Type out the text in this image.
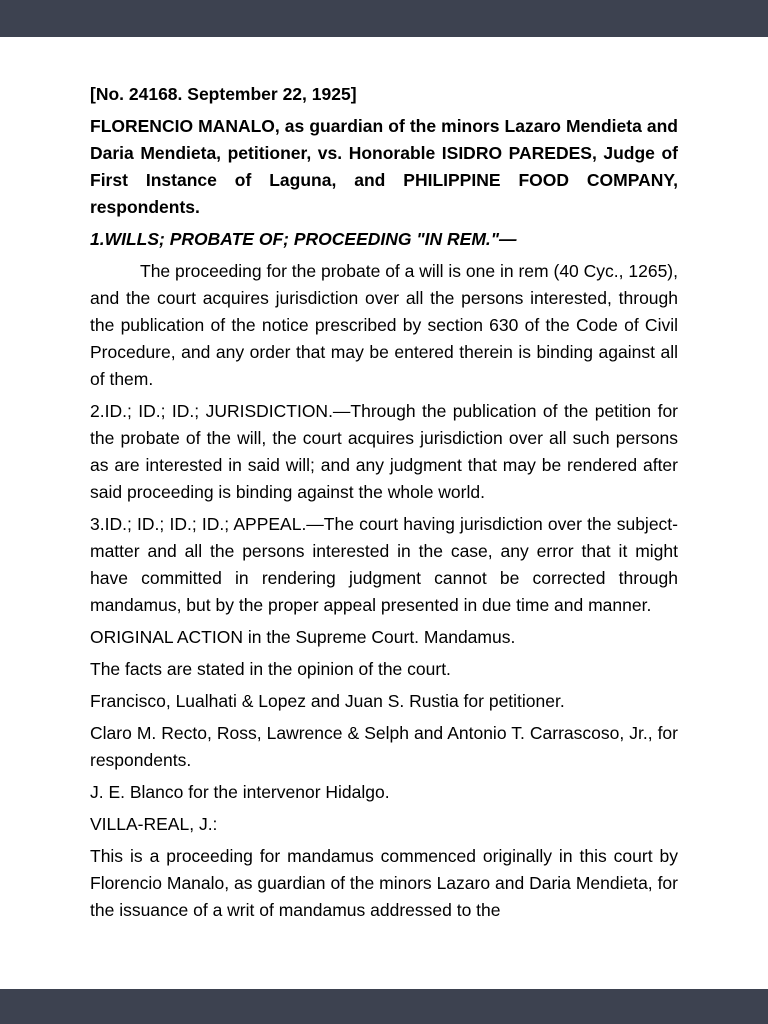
[No. 24168. September 22, 1925]

FLORENCIO MANALO, as guardian of the minors Lazaro Mendieta and Daria Mendieta, petitioner, vs. Honorable ISIDRO PAREDES, Judge of First Instance of Laguna, and PHILIPPINE FOOD COMPANY, respondents.

1.WILLS; PROBATE OF; PROCEEDING "IN REM."—

The proceeding for the probate of a will is one in rem (40 Cyc., 1265), and the court acquires jurisdiction over all the persons interested, through the publication of the notice prescribed by section 630 of the Code of Civil Procedure, and any order that may be entered therein is binding against all of them.

2.ID.; ID.; ID.; JURISDICTION.—Through the publication of the petition for the probate of the will, the court acquires jurisdiction over all such persons as are interested in said will; and any judgment that may be rendered after said proceeding is binding against the whole world.

3.ID.; ID.; ID.; ID.; APPEAL.—The court having jurisdiction over the subject-matter and all the persons interested in the case, any error that it might have committed in rendering judgment cannot be corrected through mandamus, but by the proper appeal presented in due time and manner.

ORIGINAL ACTION in the Supreme Court. Mandamus.

The facts are stated in the opinion of the court.

Francisco, Lualhati & Lopez and Juan S. Rustia for petitioner.

Claro M. Recto, Ross, Lawrence & Selph and Antonio T. Carrascoso, Jr., for respondents.

J. E. Blanco for the intervenor Hidalgo.

VILLA-REAL, J.:

This is a proceeding for mandamus commenced originally in this court by Florencio Manalo, as guardian of the minors Lazaro and Daria Mendieta, for the issuance of a writ of mandamus addressed to the
